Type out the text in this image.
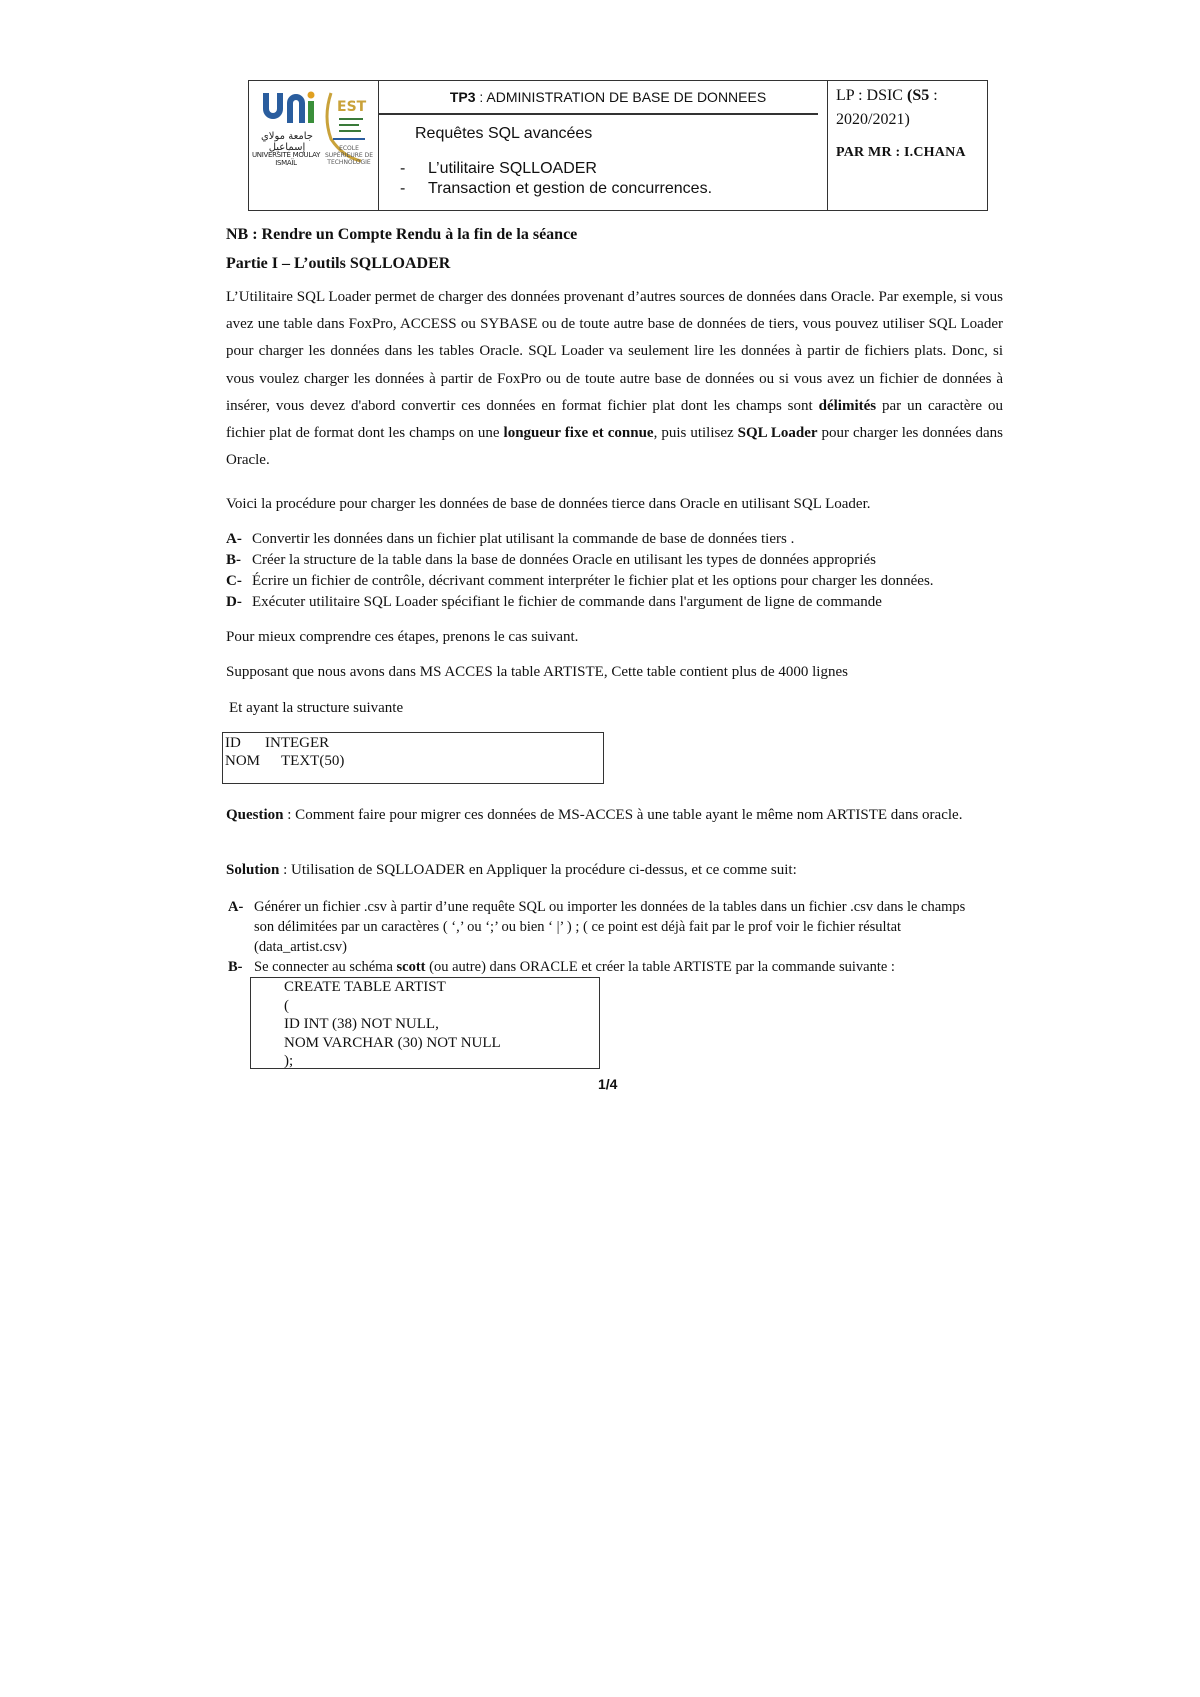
جامعة مولاي إسماعيل
UNIVERSITÉ MOULAY ISMAÏL
EST
ECOLE SUPÉRIEURE DE TECHNOLOGIE
TP3 : ADMINISTRATION DE BASE DE DONNEES
Requêtes SQL avancées
- L’utilitaire SQLLOADER
- Transaction et gestion de concurrences.
LP : DSIC (S5 :
2020/2021)
PAR MR : I.CHANA
NB : Rendre un Compte Rendu à la fin de la séance
Partie I – L’outils SQLLOADER
L’Utilitaire SQL Loader permet de charger des données provenant d’autres sources de données dans Oracle. Par exemple, si vous avez une table dans FoxPro, ACCESS ou SYBASE ou de toute autre base de données de tiers, vous pouvez utiliser SQL Loader pour charger les données dans les tables Oracle. SQL Loader va seulement lire les données à partir de fichiers plats. Donc, si vous voulez charger les données à partir de FoxPro ou de toute autre base de données ou si vous avez un fichier de données à insérer, vous devez d'abord convertir ces données en format fichier plat dont les champs sont délimités par un caractère ou fichier plat de format dont les champs on une longueur fixe et connue, puis utilisez SQL Loader pour charger les données dans Oracle.
Voici la procédure pour charger les données de base de données tierce dans Oracle en utilisant SQL Loader.
A- Convertir les données dans un fichier plat utilisant la commande de base de données tiers .
B- Créer la structure de la table dans la base de données Oracle en utilisant les types de données appropriés
C- Écrire un fichier de contrôle, décrivant comment interpréter le fichier plat et les options pour charger les données.
D- Exécuter utilitaire SQL Loader spécifiant le fichier de commande dans l'argument de ligne de commande
Pour mieux comprendre ces étapes, prenons le cas suivant.
Supposant que nous avons dans MS ACCES la table ARTISTE, Cette table contient plus de 4000 lignes
Et ayant la structure suivante
ID INTEGER
NOM TEXT(50)
Question : Comment faire pour migrer ces données de MS-ACCES à une table ayant le même nom ARTISTE dans oracle.
Solution : Utilisation de SQLLOADER en Appliquer la procédure ci-dessus, et ce comme suit:
A- Générer un fichier .csv à partir d’une requête SQL ou importer les données de la tables dans un fichier .csv dans le champs son délimitées par un caractères ( ‘,’ ou ‘;’ ou bien ‘ |’ ) ; ( ce point est déjà fait par le prof voir le fichier résultat (data_artist.csv)
B- Se connecter au schéma scott (ou autre) dans ORACLE et créer la table ARTISTE par la commande suivante :
CREATE TABLE ARTIST
(
ID INT (38) NOT NULL,
NOM VARCHAR (30) NOT NULL
);
1/4
